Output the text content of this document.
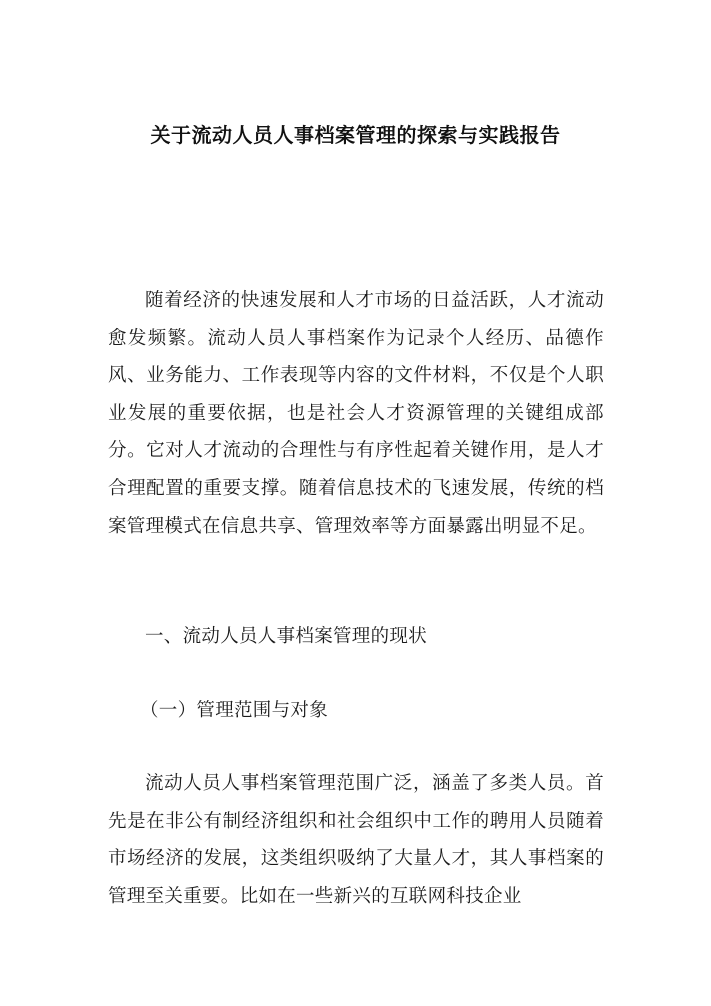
关于流动人员人事档案管理的探索与实践报告

随着经济的快速发展和人才市场的日益活跃，人才流动愈发频繁。流动人员人事档案作为记录个人经历、品德作风、业务能力、工作表现等内容的文件材料，不仅是个人职业发展的重要依据，也是社会人才资源管理的关键组成部分。它对人才流动的合理性与有序性起着关键作用，是人才合理配置的重要支撑。随着信息技术的飞速发展，传统的档案管理模式在信息共享、管理效率等方面暴露出明显不足。

一、流动人员人事档案管理的现状

（一）管理范围与对象

流动人员人事档案管理范围广泛，涵盖了多类人员。首先是在非公有制经济组织和社会组织中工作的聘用人员随着市场经济的发展，这类组织吸纳了大量人才，其人事档案的管理至关重要。比如在一些新兴的互联网科技企业
